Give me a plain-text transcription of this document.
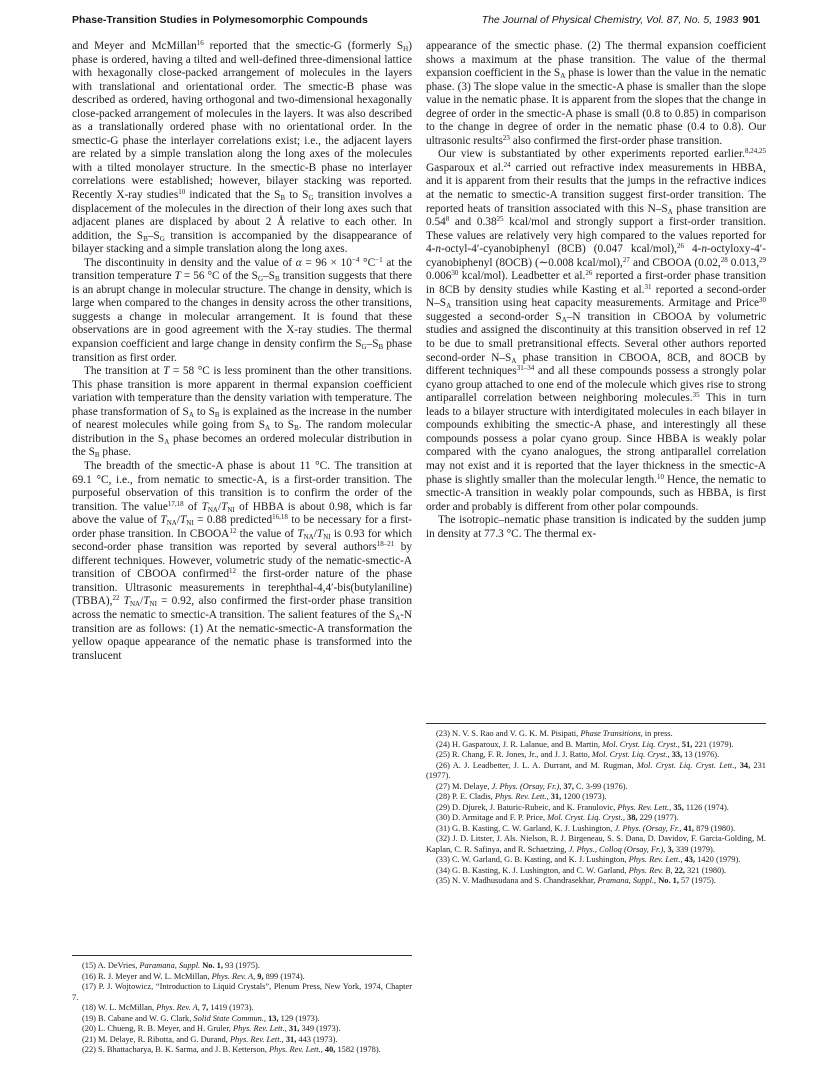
Phase-Transition Studies in Polymesomorphic Compounds	The Journal of Physical Chemistry, Vol. 87, No. 5, 1983 901

and Meyer and McMillan$^{16}$ reported that the smectic-G (formerly $S_H$) phase is ordered, having a tilted and well-defined three-dimensional lattice with hexagonally close-packed arrangement of molecules in the layers with translational and orientational order. The smectic-B phase was described as ordered, having orthogonal and two-dimensional hexagonally close-packed arrangement of molecules in the layers. It was also described as a translationally ordered phase with no orientational order. In the smectic-G phase the interlayer correlations exist; i.e., the adjacent layers are related by a simple translation along the long axes of the molecules with a tilted monolayer structure. In the smectic-B phase no interlayer correlations were established; however, bilayer stacking was reported. Recently X-ray studies$^{10}$ indicated that the $S_B$ to $S_G$ transition involves a displacement of the molecules in the direction of their long axes such that adjacent planes are displaced by about 2 Å relative to each other. In addition, the $S_B-S_G$ transition is accompanied by the disappearance of bilayer stacking and a simple translation along the long axes.

The discontinuity in density and the value of $\alpha = 96 \times 10^{-4}$ $^\circ C^{-1}$ at the transition temperature T = 56 °C of the $S_G-S_B$ transition suggests that there is an abrupt change in molecular structure. The change in density, which is large when compared to the changes in density across the other transitions, suggests a change in molecular arrangement. It is found that these observations are in good agreement with the X-ray studies. The thermal expansion coefficient and large change in density confirm the $S_G-S_B$ phase transition as first order.

The transition at T = 58 °C is less prominent than the other transitions. This phase transition is more apparent in thermal expansion coefficient variation with temperature than the density variation with temperature. The phase transformation of $S_A$ to $S_B$ is explained as the increase in the number of nearest molecules while going from $S_A$ to $S_B$. The random molecular distribution in the $S_A$ phase becomes an ordered molecular distribution in the $S_B$ phase.

The breadth of the smectic-A phase is about 11 °C. The transition at 69.1 °C, i.e., from nematic to smectic-A, is a first-order transition. The purposeful observation of this transition is to confirm the order of the transition. The value$^{17,18}$ of $T_{NA}/T_{NI}$ of HBBA is about 0.98, which is far above the value of $T_{NA}/T_{NI} = 0.88$ predicted$^{16,18}$ to be necessary for a first-order phase transition. In CBOOA$^{12}$ the value of $T_{NA}/T_{NI}$ is 0.93 for which second-order phase transition was reported by several authors$^{18-21}$ by different techniques. However, volumetric study of the nematic-smectic-A transition of CBOOA confirmed$^{12}$ the first-order nature of the phase transition. Ultrasonic measurements in terephthal-4,4′-bis(butylaniline) (TBBA),$^{22}$ $T_{NA}/T_{NI} = 0.92$, also confirmed the first-order phase transition across the nematic to smectic-A transition. The salient features of the $S_A-N$ transition are as follows: (1) At the nematic-smectic-A transformation the yellow opaque appearance of the nematic phase is transformed into the translucent

appearance of the smectic phase. (2) The thermal expansion coefficient shows a maximum at the phase transition. The value of the thermal expansion coefficient in the $S_A$ phase is lower than the value in the nematic phase. (3) The slope value in the smectic-A phase is smaller than the slope value in the nematic phase. It is apparent from the slopes that the change in degree of order in the smectic-A phase is small (0.8 to 0.85) in comparison to the change in degree of order in the nematic phase (0.4 to 0.8). Our ultrasonic results$^{23}$ also confirmed the first-order phase transition.

Our view is substantiated by other experiments reported earlier.$^{8,24,25}$ Gasparoux et al.$^{24}$ carried out refractive index measurements in HBBA, and it is apparent from their results that the jumps in the refractive indices at the nematic to smectic-A transition suggest first-order transition. The reported heats of transition associated with this $N-S_A$ phase transition are 0.54$^8$ and 0.38$^{25}$ kcal/mol and strongly support a first-order transition. These values are relatively very high compared to the values reported for 4-n-octyl-4′-cyanobiphenyl (8CB) (0.047 kcal/mol),$^{26}$ 4-n-octyloxy-4′-cyanobiphenyl (8OCB) (∼0.008 kcal/mol),$^{27}$ and CBOOA (0.02,28 0.013,29 0.006$^{30}$ kcal/mol). Leadbetter et al.$^{26}$ reported a first-order phase transition in 8CB by density studies while Kasting et al.$^{31}$ reported a second-order $N-S_A$ transition using heat capacity measurements. Armitage and Price$^{30}$ suggested a second-order $S_A-N$ transition in CBOOA by volumetric studies and assigned the discontinuity at this transition observed in ref 12 to be due to small pretransitional effects. Several other authors reported second-order $N-S_A$ phase transition in CBOOA, 8CB, and 8OCB by different techniques$^{31-34}$ and all these compounds possess a strongly polar cyano group attached to one end of the molecule which gives rise to strong antiparallel correlation between neighboring molecules.$^{35}$ This in turn leads to a bilayer structure with interdigitated molecules in each bilayer in compounds exhibiting the smectic-A phase, and interestingly all these compounds possess a polar cyano group. Since HBBA is weakly polar compared with the cyano analogues, the strong antiparallel correlation may not exist and it is reported that the layer thickness in the smectic-A phase is slightly smaller than the molecular length.$^{10}$ Hence, the nematic to smectic-A transition in weakly polar compounds, such as HBBA, is first order and probably is different from other polar compounds.

The isotropic–nematic phase transition is indicated by the sudden jump in density at 77.3 °C. The thermal ex-

(15) A. DeVries, Paramana, Suppl. No. 1, 93 (1975).

(16) R. J. Meyer and W. L. McMillan, Phys. Rev. A, 9, 899 (1974).

(17) P. J. Wojtowicz, “Introduction to Liquid Crystals”, Plenum Press, New York, 1974, Chapter 7.

(18) W. L. McMillan, Phys. Rev. A, 7, 1419 (1973).

(19) B. Cabane and W. G. Clark, Solid State Commun., 13, 129 (1973).

(20) L. Chueng, R. B. Meyer, and H. Gruler, Phys. Rev. Lett., 31, 349 (1973).

(21) M. Delaye, R. Ribotta, and G. Durand, Phys. Rev. Lett., 31, 443 (1973).

(22) S. Bhattacharya, B. K. Sarma, and J. B. Ketterson, Phys. Rev. Lett., 40, 1582 (1978).

(23) N. V. S. Rao and V. G. K. M. Pisipati, Phase Transitions, in press.

(24) H. Gasparoux, J. R. Lalanue, and B. Martin, Mol. Cryst. Liq. Cryst., 51, 221 (1979).

(25) R. Chang, F. R. Jones, Jr., and J. J. Ratto, Mol. Cryst. Liq. Cryst., 33, 13 (1976).

(26) A. J. Leadbetter, J. L. A. Durrant, and M. Rugman, Mol. Cryst. Liq. Cryst. Lett., 34, 231 (1977).

(27) M. Delaye, J. Phys. (Orsay, Fr.), 37, C. 3-99 (1976).

(28) P. E. Cladis, Phys. Rev. Lett., 31, 1200 (1973).

(29) D. Djurek, J. Baturic-Rubeic, and K. Franulovic, Phys. Rev. Lett., 35, 1126 (1974).

(30) D. Armitage and F. P. Price, Mol. Cryst. Liq. Cryst., 38, 229 (1977).

(31) G. B. Kasting, C. W. Garland, K. J. Lushington, J. Phys. (Orsay, Fr., 41, 879 (1980).

(32) J. D. Litster, J. Als. Nielson, R. J. Birgeneau, S. S. Dana, D. Davidov, F. Garcia-Golding, M. Kaplan, C. R. Safinya, and R. Schaetzing, J. Phys., Colloq (Orsay, Fr.), 3, 339 (1979).

(33) C. W. Garland, G. B. Kasting, and K. J. Lushington, Phys. Rev. Lett., 43, 1420 (1979).

(34) G. B. Kasting, K. J. Lushington, and C. W. Garland, Phys. Rev. B, 22, 321 (1980).

(35) N. V. Madhusudana and S. Chandrasekhar, Pramana, Suppl., No. 1, 57 (1975).
